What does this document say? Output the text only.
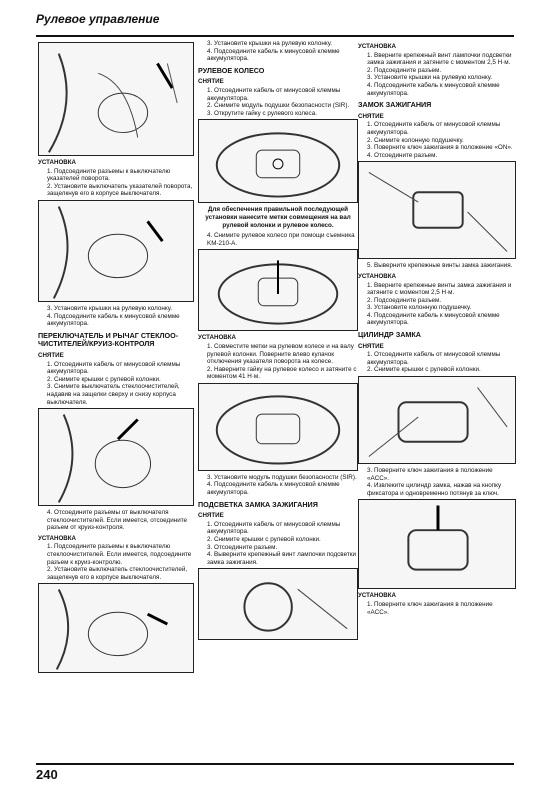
Рулевое управление
УСТАНОВКА
1. Подсоедините разъемы к выключателю указателей поворота.
2. Установите выключатель указателей поворота, защелкнув его в корпусе выключателя.
3. Установите крышки на рулевую колонку.
4. Подсоедините кабель к минусовой клемме аккумулятора.
ПЕРЕКЛЮЧАТЕЛЬ И РЫЧАГ СТЕКЛООЧИСТИТЕЛЕЙ/КРУИЗ-КОНТРОЛЯ
СНЯТИЕ
1. Отсоедините кабель от минусовой клеммы аккумулятора.
2. Снимите крышки с рулевой колонки.
3. Снимите выключатель стеклоочистителей, надавив на защелки сверху и снизу корпуса выключателя.
4. Отсоедините разъемы от выключателя стеклоочистителей. Если имеется, отсоедините разъем от круиз-контроля.
УСТАНОВКА
1. Подсоедините разъемы к выключателю стеклоочистителей. Если имеется, подсоедините разъем к круиз-контролю.
2. Установите выключатель стеклоочистителей, защелкнув его в корпусе выключателя.
3. Установите крышки на рулевую колонку.
4. Подсоедините кабель к минусовой клемме аккумулятора.
РУЛЕВОЕ КОЛЕСО
СНЯТИЕ
1. Отсоедините кабель от минусовой клеммы аккумулятора.
2. Снимите модуль подушки безопасности (SIR).
3. Открутите гайку с рулевого колеса.
Для обеспечения правильной последующей установки нанесите метки совмещения на вал рулевой колонки и рулевое колесо.
4. Снимите рулевое колесо при помощи съемника KM-210-A.
УСТАНОВКА
1. Совместите метки на рулевом колесе и на валу рулевой колонки. Поверните влево кулачок отключения указателя поворота на колесе.
2. Наверните гайку на рулевое колесо и затяните с моментом 41 Н·м.
3. Установите модуль подушки безопасности (SIR).
4. Подсоедините кабель к минусовой клемме аккумулятора.
ПОДСВЕТКА ЗАМКА ЗАЖИГАНИЯ
СНЯТИЕ
1. Отсоедините кабель от минусовой клеммы аккумулятора.
2. Снимите крышки с рулевой колонки.
3. Отсоедините разъем.
4. Выверните крепежный винт лампочки подсветки замка зажигания.
УСТАНОВКА
1. Вверните крепежный винт лампочки подсветки замка зажигания и затяните с моментом 2,5 Н·м.
2. Подсоедините разъем.
3. Установите крышки на рулевую колонку.
4. Подсоедините кабель к минусовой клемме аккумулятора.
ЗАМОК ЗАЖИГАНИЯ
СНЯТИЕ
1. Отсоедините кабель от минусовой клеммы аккумулятора.
2. Снимите колонную подушечку.
3. Поверните ключ зажигания в положение «ON».
4. Отсоедините разъем.
5. Выверните крепежные винты замка зажигания.
УСТАНОВКА
1. Вверните крепежные винты замка зажигания и затяните с моментом 2,5 Н·м.
2. Подсоедините разъем.
3. Установите колонную подушечку.
4. Подсоедините кабель к минусовой клемме аккумулятора.
ЦИЛИНДР ЗАМКА
СНЯТИЕ
1. Отсоедините кабель от минусовой клеммы аккумулятора.
2. Снимите крышки с рулевой колонки.
3. Поверните ключ зажигания в положение «ACC».
4. Извлеките цилиндр замка, нажав на кнопку фиксатора и одновременно потянув за ключ.
УСТАНОВКА
1. Поверните ключ зажигания в положение «ACC».
240
